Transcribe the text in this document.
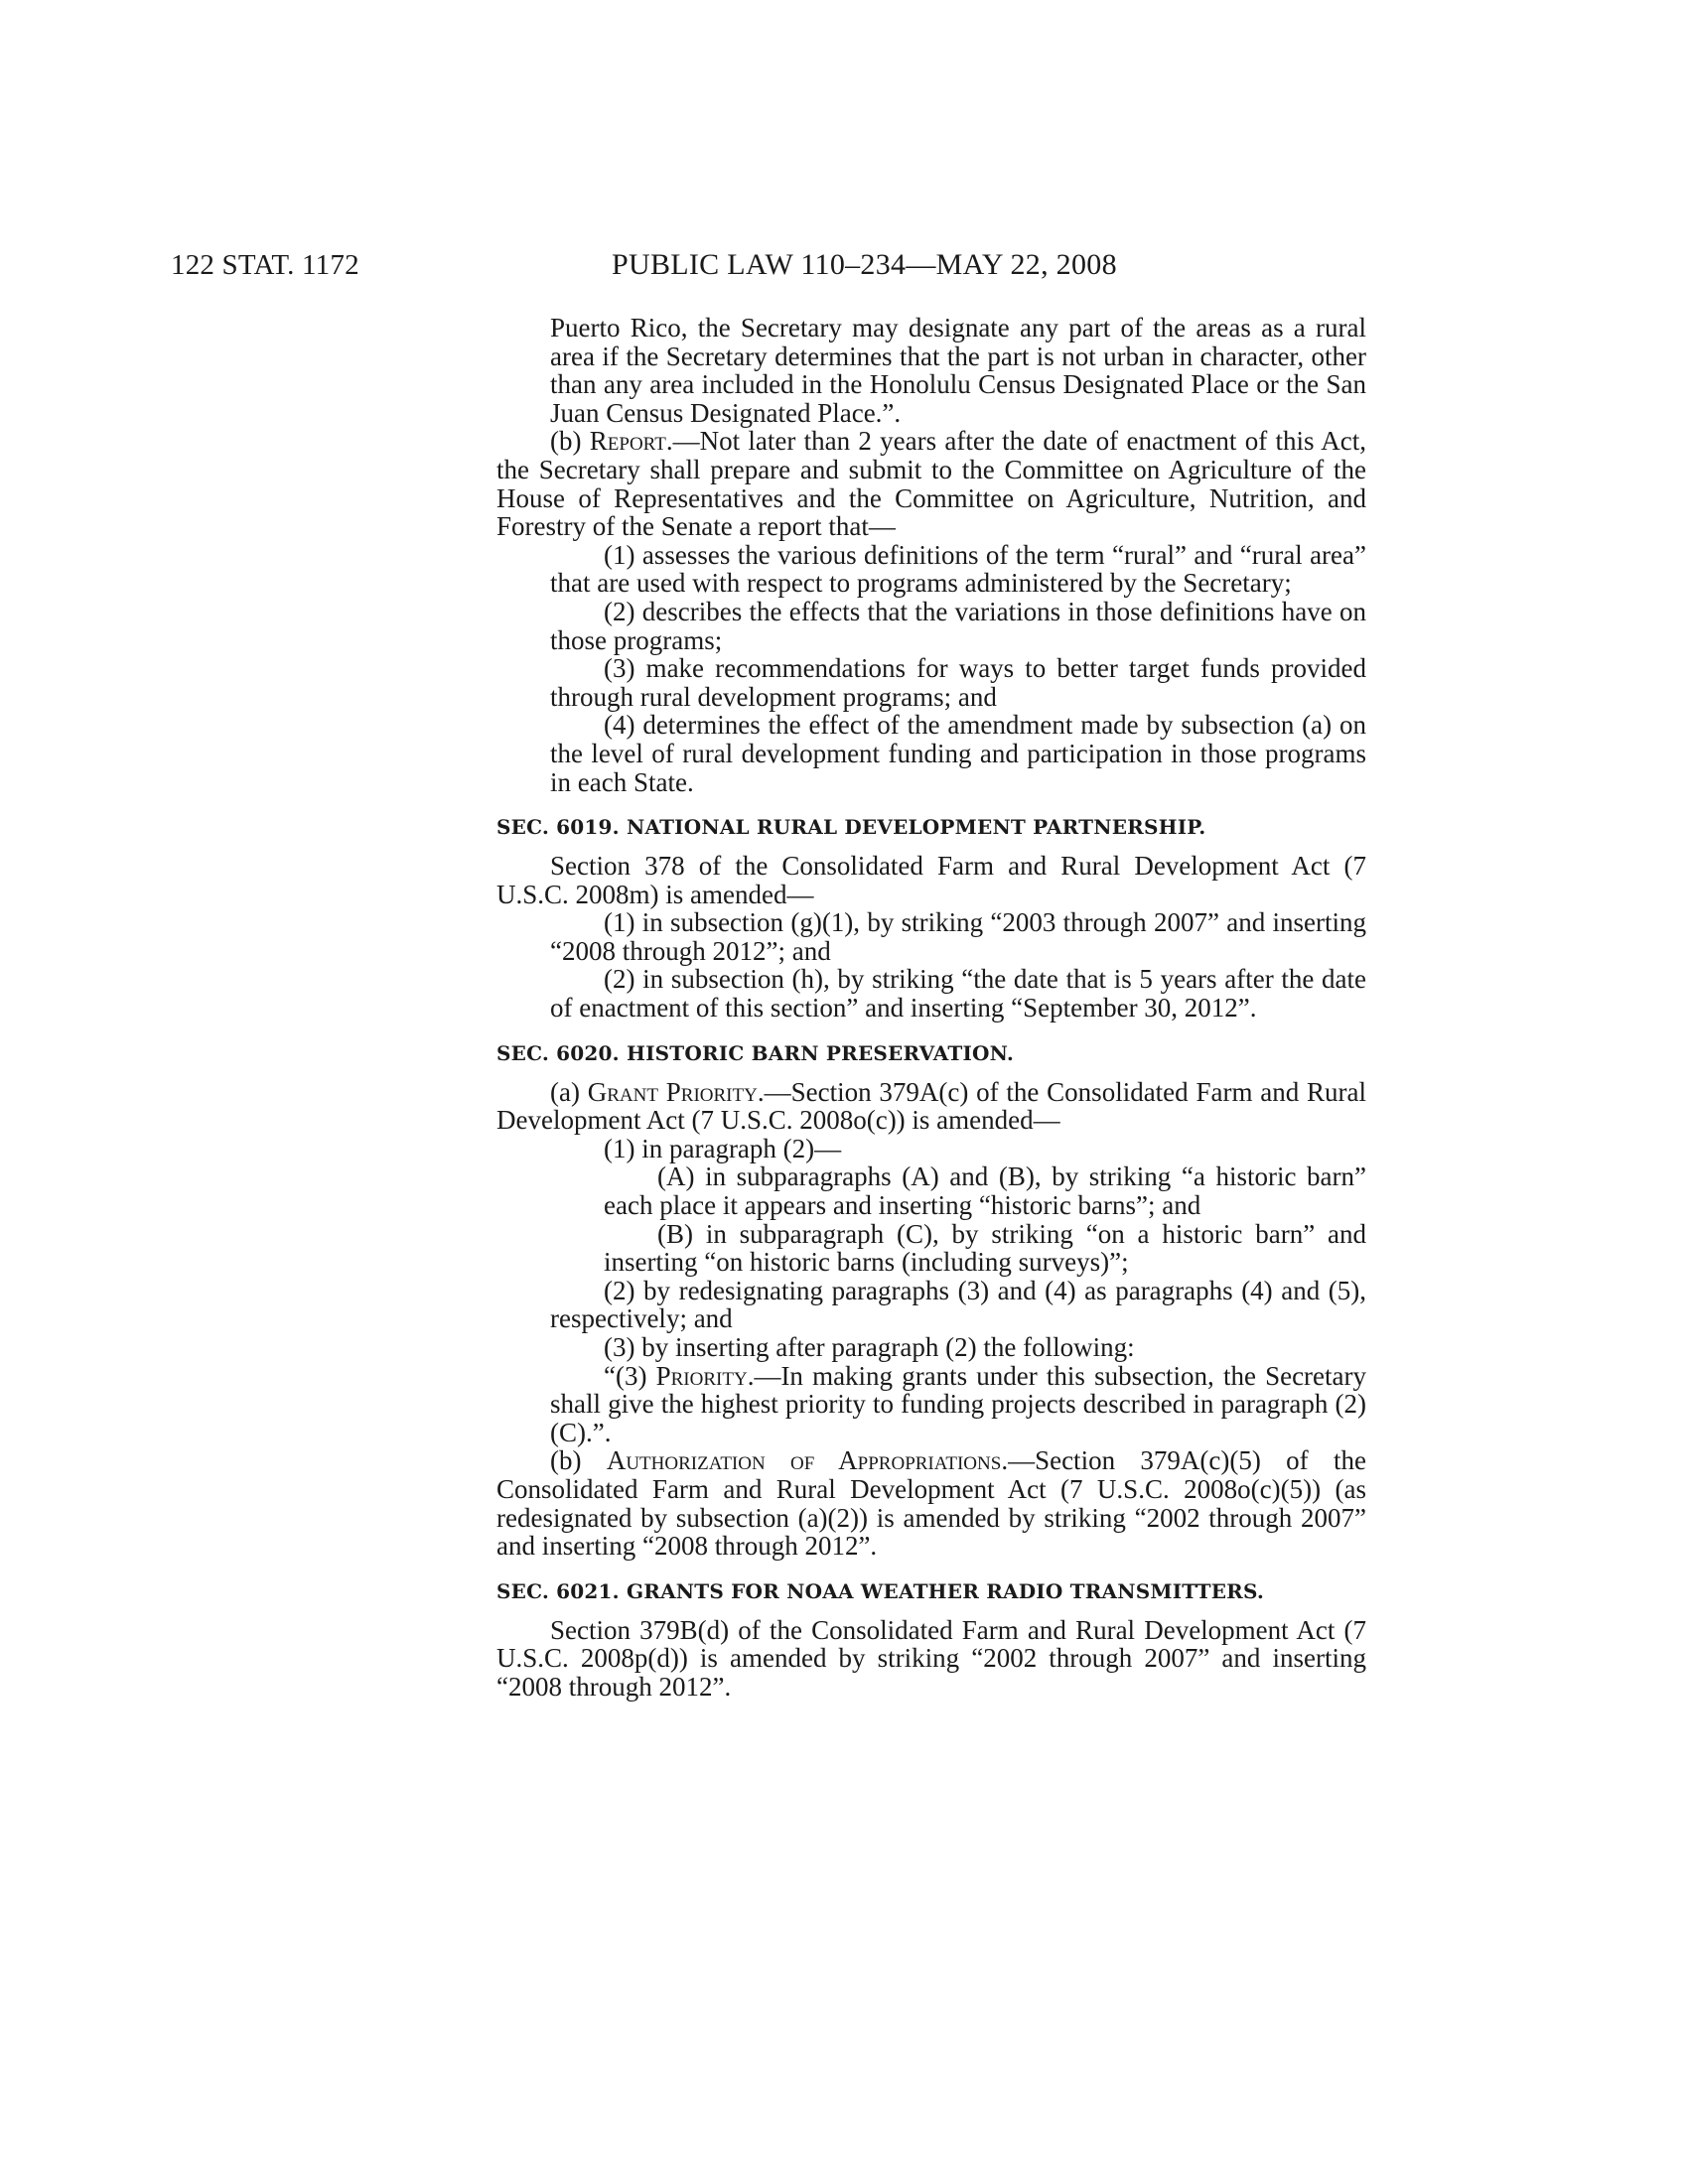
122 STAT. 1172	PUBLIC LAW 110–234—MAY 22, 2008

Puerto Rico, the Secretary may designate any part of the areas as a rural area if the Secretary determines that the part is not urban in character, other than any area included in the Honolulu Census Designated Place or the San Juan Census Designated Place.”.

(b) Report.—Not later than 2 years after the date of enactment of this Act, the Secretary shall prepare and submit to the Committee on Agriculture of the House of Representatives and the Committee on Agriculture, Nutrition, and Forestry of the Senate a report that—

(1) assesses the various definitions of the term “rural” and “rural area” that are used with respect to programs administered by the Secretary;

(2) describes the effects that the variations in those definitions have on those programs;

(3) make recommendations for ways to better target funds provided through rural development programs; and

(4) determines the effect of the amendment made by subsection (a) on the level of rural development funding and participation in those programs in each State.

SEC. 6019. NATIONAL RURAL DEVELOPMENT PARTNERSHIP.

Section 378 of the Consolidated Farm and Rural Development Act (7 U.S.C. 2008m) is amended—

(1) in subsection (g)(1), by striking “2003 through 2007” and inserting “2008 through 2012”; and

(2) in subsection (h), by striking “the date that is 5 years after the date of enactment of this section” and inserting “September 30, 2012”.

SEC. 6020. HISTORIC BARN PRESERVATION.

(a) Grant Priority.—Section 379A(c) of the Consolidated Farm and Rural Development Act (7 U.S.C. 2008o(c)) is amended—

(1) in paragraph (2)—

(A) in subparagraphs (A) and (B), by striking “a historic barn” each place it appears and inserting “historic barns”; and

(B) in subparagraph (C), by striking “on a historic barn” and inserting “on historic barns (including surveys)”;

(2) by redesignating paragraphs (3) and (4) as paragraphs (4) and (5), respectively; and

(3) by inserting after paragraph (2) the following:

“(3) Priority.—In making grants under this subsection, the Secretary shall give the highest priority to funding projects described in paragraph (2)(C).”.

(b) Authorization of Appropriations.—Section 379A(c)(5) of the Consolidated Farm and Rural Development Act (7 U.S.C. 2008o(c)(5)) (as redesignated by subsection (a)(2)) is amended by striking “2002 through 2007” and inserting “2008 through 2012”.

SEC. 6021. GRANTS FOR NOAA WEATHER RADIO TRANSMITTERS.

Section 379B(d) of the Consolidated Farm and Rural Development Act (7 U.S.C. 2008p(d)) is amended by striking “2002 through 2007” and inserting “2008 through 2012”.
